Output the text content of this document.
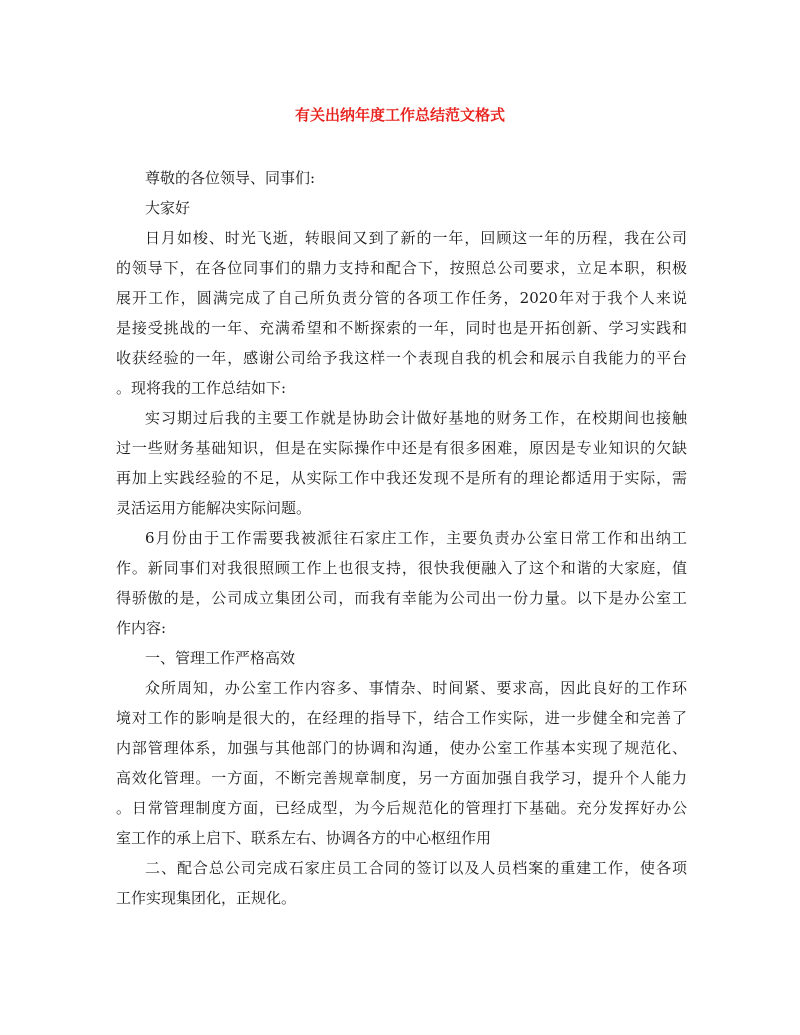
有关出纳年度工作总结范文格式
尊敬的各位领导、同事们:
大家好
日月如梭、时光飞逝，转眼间又到了新的一年，回顾这一年的历程，我在公司
的领导下，在各位同事们的鼎力支持和配合下，按照总公司要求，立足本职，积极
展开工作，圆满完成了自己所负责分管的各项工作任务，2020年对于我个人来说
是接受挑战的一年、充满希望和不断探索的一年，同时也是开拓创新、学习实践和
收获经验的一年，感谢公司给予我这样一个表现自我的机会和展示自我能力的平台
。现将我的工作总结如下:
实习期过后我的主要工作就是协助会计做好基地的财务工作，在校期间也接触
过一些财务基础知识，但是在实际操作中还是有很多困难，原因是专业知识的欠缺
再加上实践经验的不足，从实际工作中我还发现不是所有的理论都适用于实际，需
灵活运用方能解决实际问题。
6月份由于工作需要我被派往石家庄工作，主要负责办公室日常工作和出纳工
作。新同事们对我很照顾工作上也很支持，很快我便融入了这个和谐的大家庭，值
得骄傲的是，公司成立集团公司，而我有幸能为公司出一份力量。以下是办公室工
作内容:
一、管理工作严格高效
众所周知，办公室工作内容多、事情杂、时间紧、要求高，因此良好的工作环
境对工作的影响是很大的，在经理的指导下，结合工作实际，进一步健全和完善了
内部管理体系，加强与其他部门的协调和沟通，使办公室工作基本实现了规范化、
高效化管理。一方面，不断完善规章制度，另一方面加强自我学习，提升个人能力
。日常管理制度方面，已经成型，为今后规范化的管理打下基础。充分发挥好办公
室工作的承上启下、联系左右、协调各方的中心枢纽作用
二、配合总公司完成石家庄员工合同的签订以及人员档案的重建工作，使各项
工作实现集团化，正规化。
